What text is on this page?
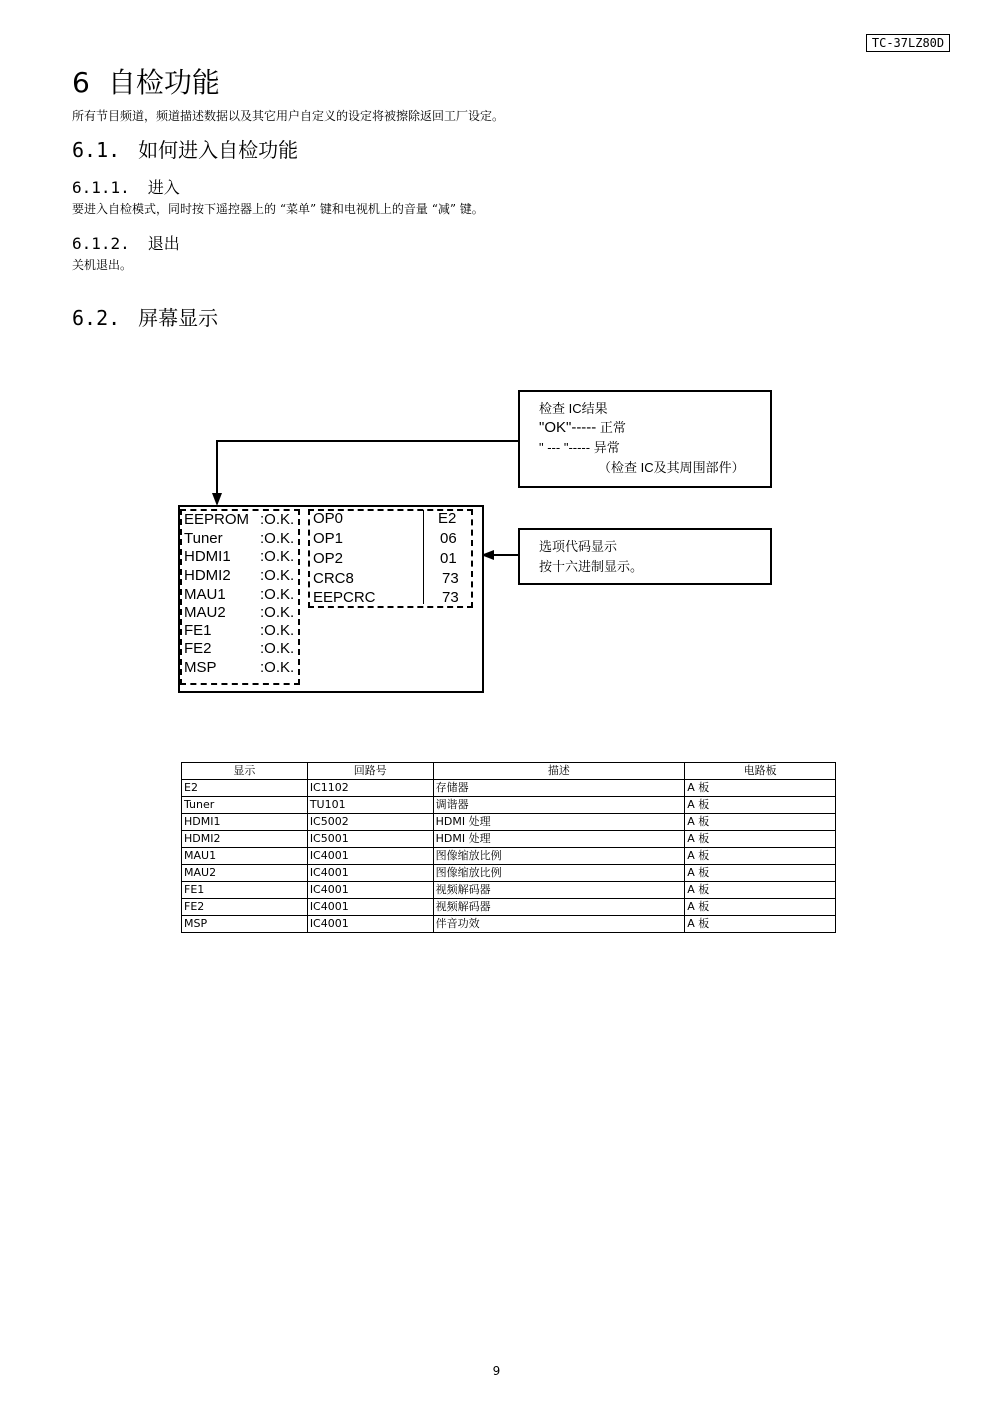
TC-37LZ80D
6 自检功能
所有节目频道，频道描述数据以及其它用户自定义的设定将被擦除返回工厂设定。
6.1. 如何进入自检功能
6.1.1. 进入
要进入自检模式，同时按下遥控器上的 “菜单” 键和电视机上的音量 “减” 键。
6.1.2. 退出
关机退出。
6.2. 屏幕显示
检查 IC结果
"OK"----- 正常
" --- "----- 异常
（检查 IC及其周围部件）
选项代码显示
按十六进制显示。
EEPROM :O.K.
Tuner :O.K.
HDMI1 :O.K.
HDMI2 :O.K.
MAU1 :O.K.
MAU2 :O.K.
FE1	:O.K.
FE2	:O.K.
MSP	:O.K.
OP0	E2
OP1	06
OP2	01
CRC8	73
EEPCRC	73
显示	回路号	描述	电路板
E2	IC1102	存储器	A 板
Tuner	TU101	调谐器	A 板
HDMI1	IC5002	HDMI 处理	A 板
HDMI2	IC5001	HDMI 处理	A 板
MAU1	IC4001	图像缩放比例	A 板
MAU2	IC4001	图像缩放比例	A 板
FE1	IC4001	视频解码器	A 板
FE2	IC4001	视频解码器	A 板
MSP	IC4001	伴音功效	A 板
9
